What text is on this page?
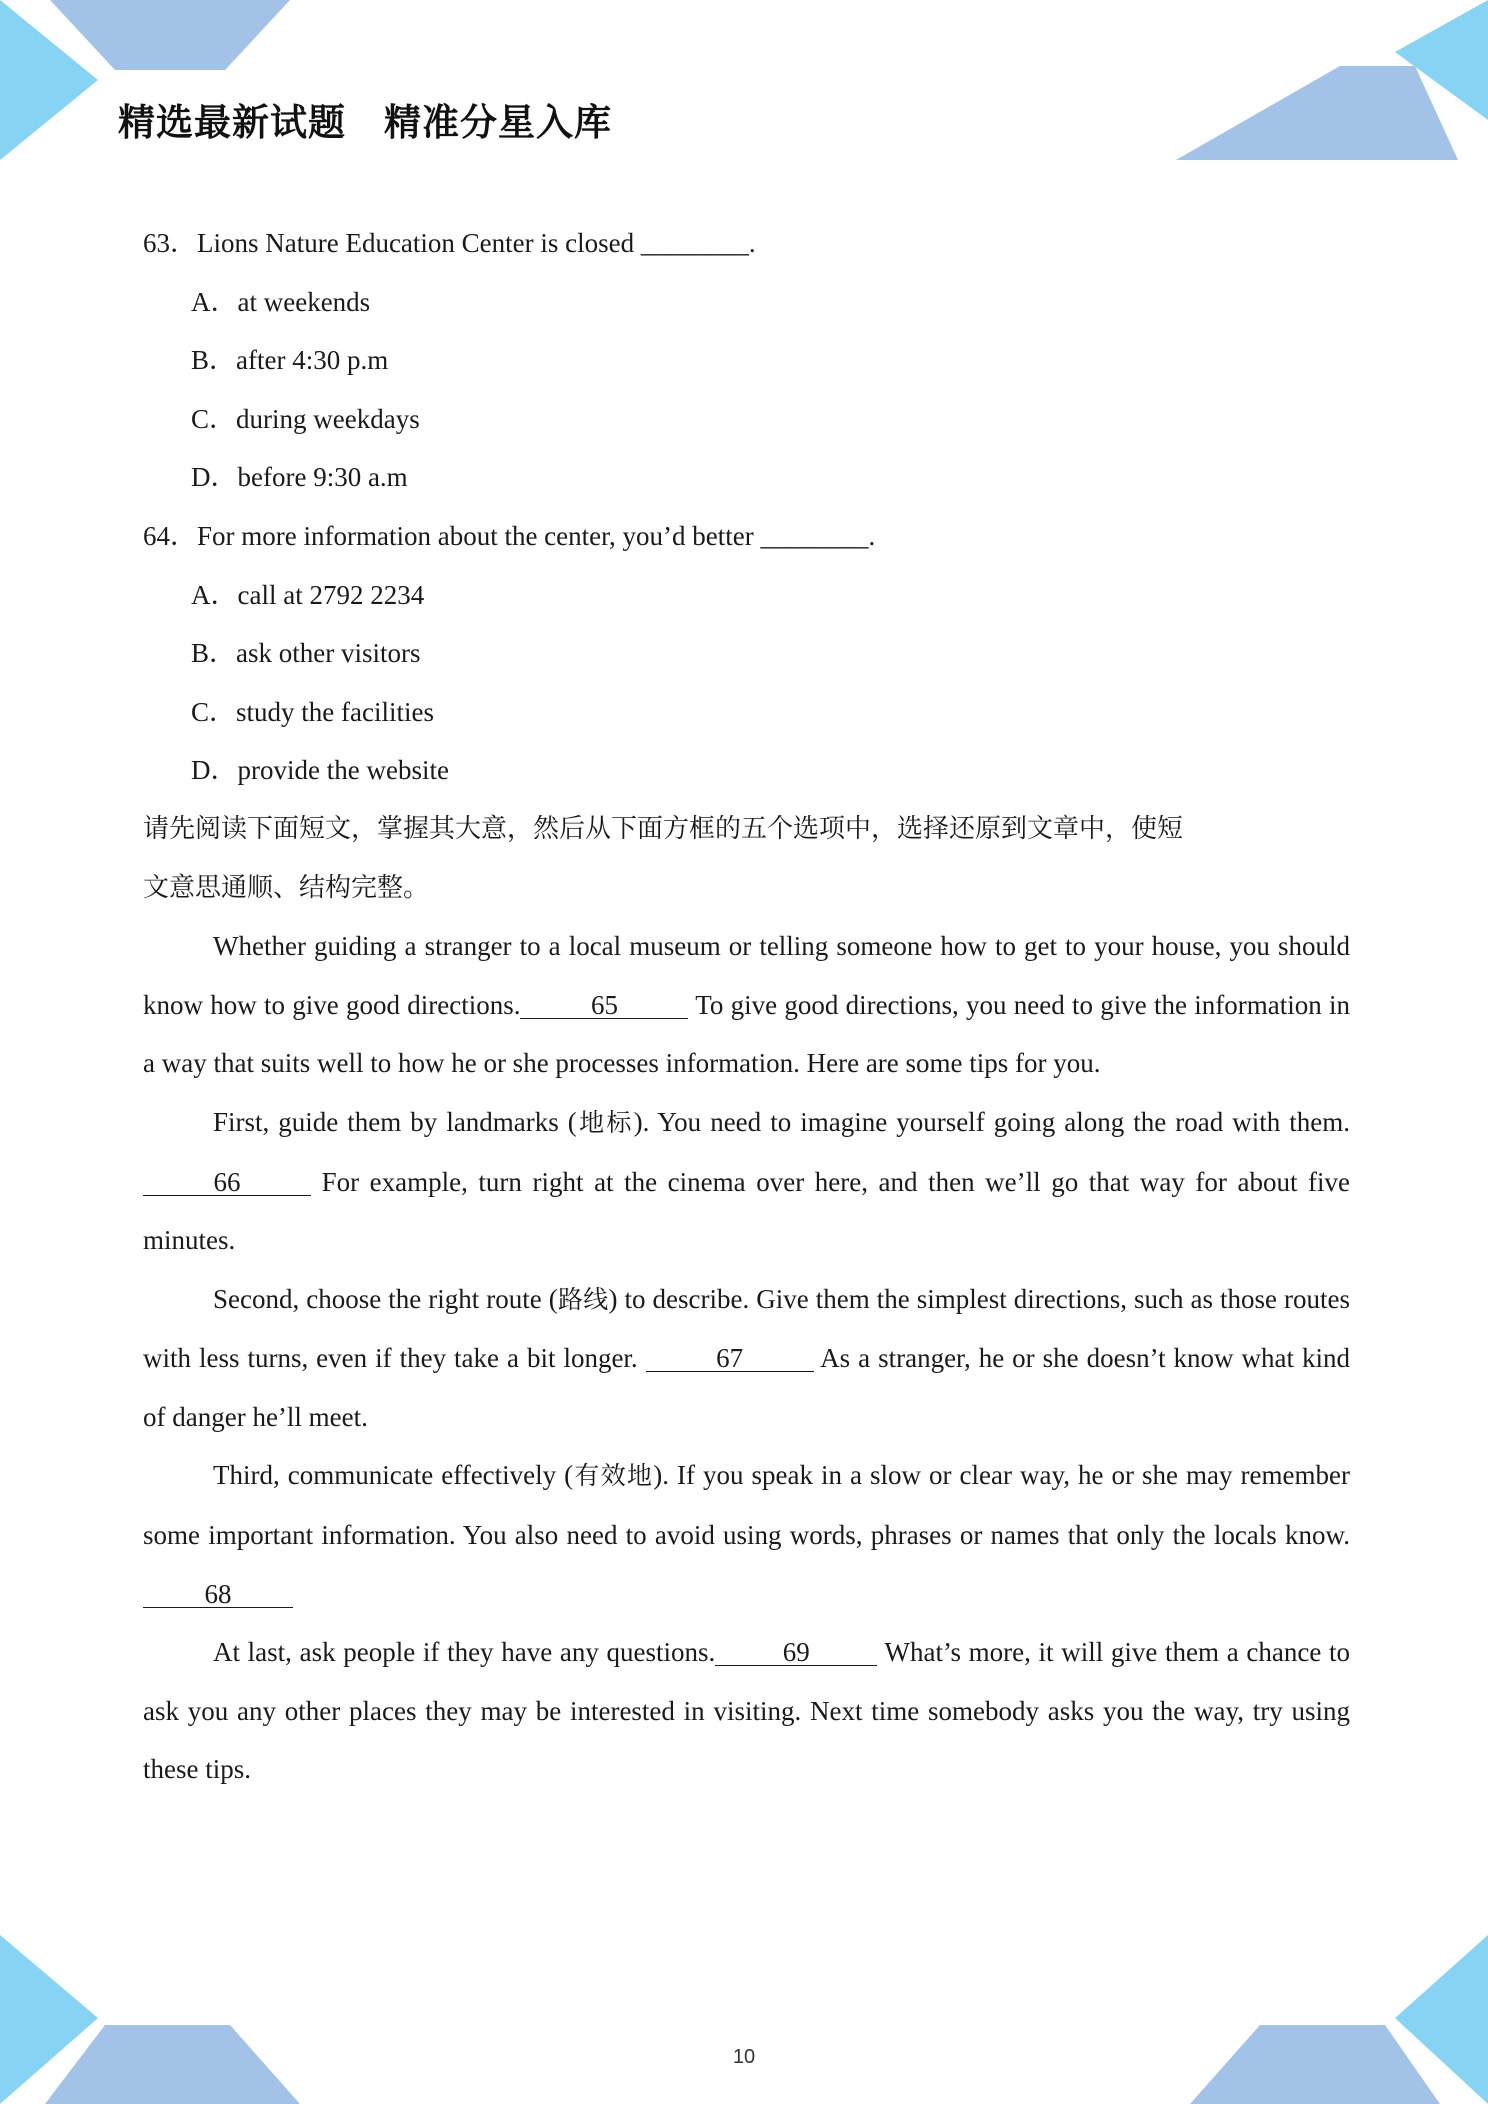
精选最新试题　精准分星入库
63．Lions Nature Education Center is closed ________.
A．at weekends
B．after 4:30 p.m
C．during weekdays
D．before 9:30 a.m
64．For more information about the center, you’d better ________.
A．call at 2792 2234
B．ask other visitors
C．study the facilities
D．provide the website
请先阅读下面短文，掌握其大意，然后从下面方框的五个选项中，选择还原到文章中，使短
文意思通顺、结构完整。
Whether guiding a stranger to a local museum or telling someone how to get to your house, you should know how to give good directions.	65	To give good directions, you need to give the information in a way that suits well to how he or she processes information. Here are some tips for you.
First, guide them by landmarks (地标). You need to imagine yourself going along the road with them. 66	For example, turn right at the cinema over here, and then we’ll go that way for about five minutes.
Second, choose the right route (路线) to describe. Give them the simplest directions, such as those routes with less turns, even if they take a bit longer.	67	As a stranger, he or she doesn’t know what kind of danger he’ll meet.
Third, communicate effectively (有效地). If you speak in a slow or clear way, he or she may remember some important information. You also need to avoid using words, phrases or names that only the locals know.68
At last, ask people if they have any questions.	69	What’s more, it will give them a chance to ask you any other places they may be interested in visiting. Next time somebody asks you the way, try using these tips.
10
